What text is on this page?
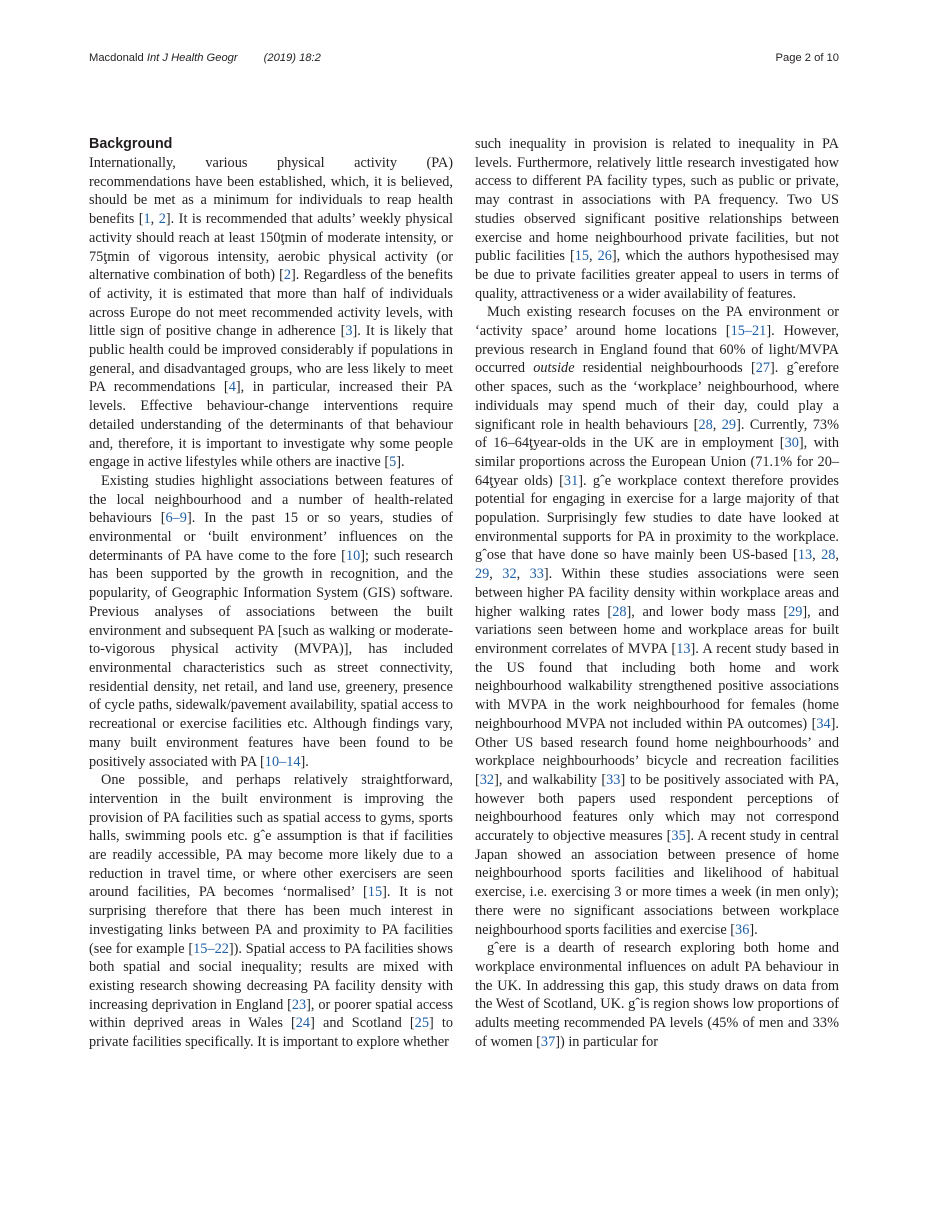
Macdonald Int J Health Geogr (2019) 18:2	Page 2 of 10
Background

Internationally, various physical activity (PA) recommendations have been established, which, it is believed, should be met as a minimum for individuals to reap health benefits [1, 2]. It is recommended that adults’ weekly physical activity should reach at least 150ţmin of moderate intensity, or 75ţmin of vigorous intensity, aerobic physical activity (or alternative combination of both) [2]. Regardless of the benefits of activity, it is estimated that more than half of individuals across Europe do not meet recommended activity levels, with little sign of positive change in adherence [3]. It is likely that public health could be improved considerably if populations in general, and disadvantaged groups, who are less likely to meet PA recommendations [4], in particular, increased their PA levels. Effective behaviour-change interventions require detailed understanding of the determinants of that behaviour and, therefore, it is important to investigate why some people engage in active lifestyles while others are inactive [5].

Existing studies highlight associations between features of the local neighbourhood and a number of health-related behaviours [6–9]. In the past 15 or so years, studies of environmental or ‘built environment’ influences on the determinants of PA have come to the fore [10]; such research has been supported by the growth in recognition, and the popularity, of Geographic Information System (GIS) software. Previous analyses of associations between the built environment and subsequent PA [such as walking or moderate-to-vigorous physical activity (MVPA)], has included environmental characteristics such as street connectivity, residential density, net retail, and land use, greenery, presence of cycle paths, sidewalk/pavement availability, spatial access to recreational or exercise facilities etc. Although findings vary, many built environment features have been found to be positively associated with PA [10–14].

One possible, and perhaps relatively straightforward, intervention in the built environment is improving the provision of PA facilities such as spatial access to gyms, sports halls, swimming pools etc. gˆe assumption is that if facilities are readily accessible, PA may become more likely due to a reduction in travel time, or where other exercisers are seen around facilities, PA becomes ‘normalised’ [15]. It is not surprising therefore that there has been much interest in investigating links between PA and proximity to PA facilities (see for example [15–22]). Spatial access to PA facilities shows both spatial and social inequality; results are mixed with existing research showing decreasing PA facility density with increasing deprivation in England [23], or poorer spatial access within deprived areas in Wales [24] and Scotland [25] to private facilities specifically. It is important to explore whether

such inequality in provision is related to inequality in PA levels. Furthermore, relatively little research investigated how access to different PA facility types, such as public or private, may contrast in associations with PA frequency. Two US studies observed significant positive relationships between exercise and home neighbourhood private facilities, but not public facilities [15, 26], which the authors hypothesised may be due to private facilities greater appeal to users in terms of quality, attractiveness or a wider availability of features.

Much existing research focuses on the PA environment or ‘activity space’ around home locations [15–21]. However, previous research in England found that 60% of light/MVPA occurred outside residential neighbourhoods [27]. gˆerefore other spaces, such as the ‘workplace’ neighbourhood, where individuals may spend much of their day, could play a significant role in health behaviours [28, 29]. Currently, 73% of 16–64ţyear-olds in the UK are in employment [30], with similar proportions across the European Union (71.1% for 20–64ţyear olds) [31]. gˆe workplace context therefore provides potential for engaging in exercise for a large majority of that population. Surprisingly few studies to date have looked at environmental supports for PA in proximity to the workplace. gˆose that have done so have mainly been US-based [13, 28, 29, 32, 33]. Within these studies associations were seen between higher PA facility density within workplace areas and higher walking rates [28], and lower body mass [29], and variations seen between home and workplace areas for built environment correlates of MVPA [13]. A recent study based in the US found that including both home and work neighbourhood walkability strengthened positive associations with MVPA in the work neighbourhood for females (home neighbourhood MVPA not included within PA outcomes) [34]. Other US based research found home neighbourhoods’ and workplace neighbourhoods’ bicycle and recreation facilities [32], and walkability [33] to be positively associated with PA, however both papers used respondent perceptions of neighbourhood features only which may not correspond accurately to objective measures [35]. A recent study in central Japan showed an association between presence of home neighbourhood sports facilities and likelihood of habitual exercise, i.e. exercising 3 or more times a week (in men only); there were no significant associations between workplace neighbourhood sports facilities and exercise [36].

gˆere is a dearth of research exploring both home and workplace environmental influences on adult PA behaviour in the UK. In addressing this gap, this study draws on data from the West of Scotland, UK. gˆis region shows low proportions of adults meeting recommended PA levels (45% of men and 33% of women [37]) in particular for
